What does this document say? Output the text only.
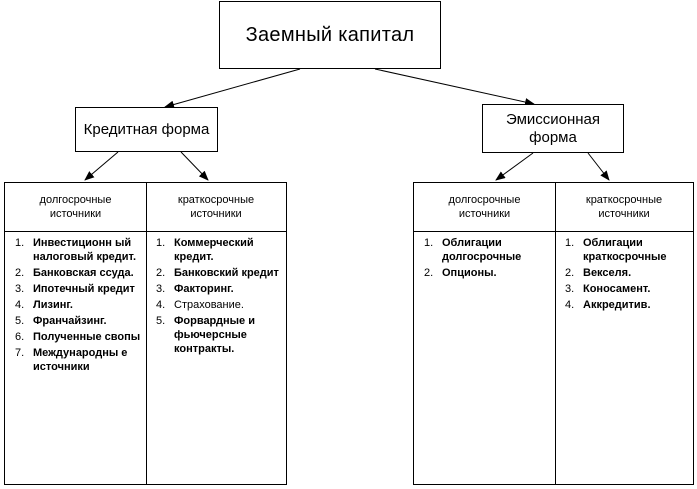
Заемный капитал
Кредитная форма
Эмиссионная форма
долгосрочные источники
краткосрочные источники
1. Инвестиционн ый налоговый кредит.
2. Банковская ссуда.
3. Ипотечный кредит
4. Лизинг.
5. Франчайзинг.
6. Полученные свопы
7. Международны е источники
1. Коммерческий кредит.
2. Банковский кредит
3. Факторинг.
4. Страхование.
5. Форвардные и фьючерсные контракты.
долгосрочные источники
краткосрочные источники
1. Облигации долгосрочные
2. Опционы.
1. Облигации краткосрочные
2. Векселя.
3. Коносамент.
4. Аккредитив.
